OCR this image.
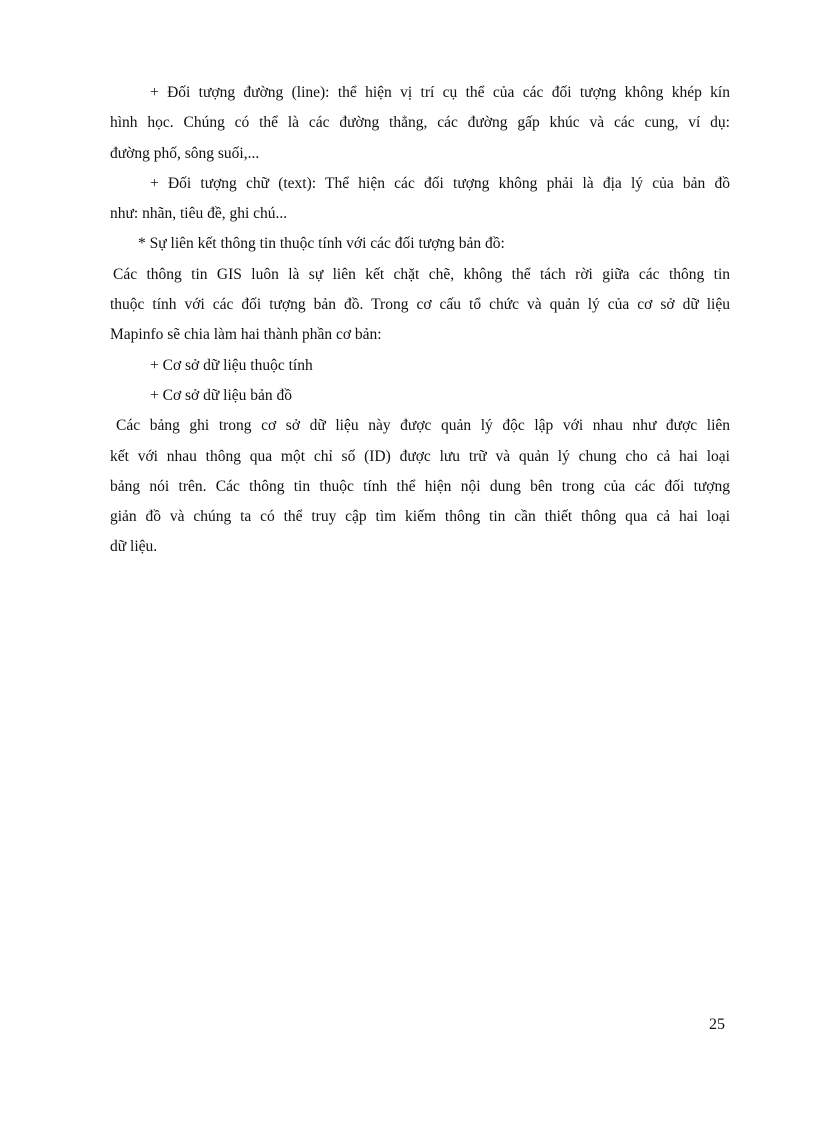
+ Đối tượng đường (line): thể hiện vị trí cụ thể của các đối tượng không khép kín
hình học. Chúng có thể là các đường thẳng, các đường gấp khúc và các cung, ví dụ:
đường phố, sông suối,...
+ Đối tượng chữ (text): Thể hiện các đối tượng không phải là địa lý của bản đồ
như: nhãn, tiêu đề, ghi chú...
* Sự liên kết thông tin thuộc tính với các đối tượng bản đồ:
Các thông tin GIS luôn là sự liên kết chặt chẽ, không thể tách rời giữa các thông tin
thuộc tính với các đối tượng bản đồ. Trong cơ cấu tổ chức và quản lý của cơ sở dữ liệu
Mapinfo sẽ chia làm hai thành phần cơ bản:
+ Cơ sở dữ liệu thuộc tính
+ Cơ sở dữ liệu bản đồ
Các bảng ghi trong cơ sở dữ liệu này được quản lý độc lập với nhau như được liên
kết với nhau thông qua một chỉ số (ID) được lưu trữ và quản lý chung cho cả hai loại
bảng nói trên. Các thông tin thuộc tính thể hiện nội dung bên trong của các đối tượng
giản đồ và chúng ta có thể truy cập tìm kiếm thông tin cần thiết thông qua cả hai loại
dữ liệu.
25
